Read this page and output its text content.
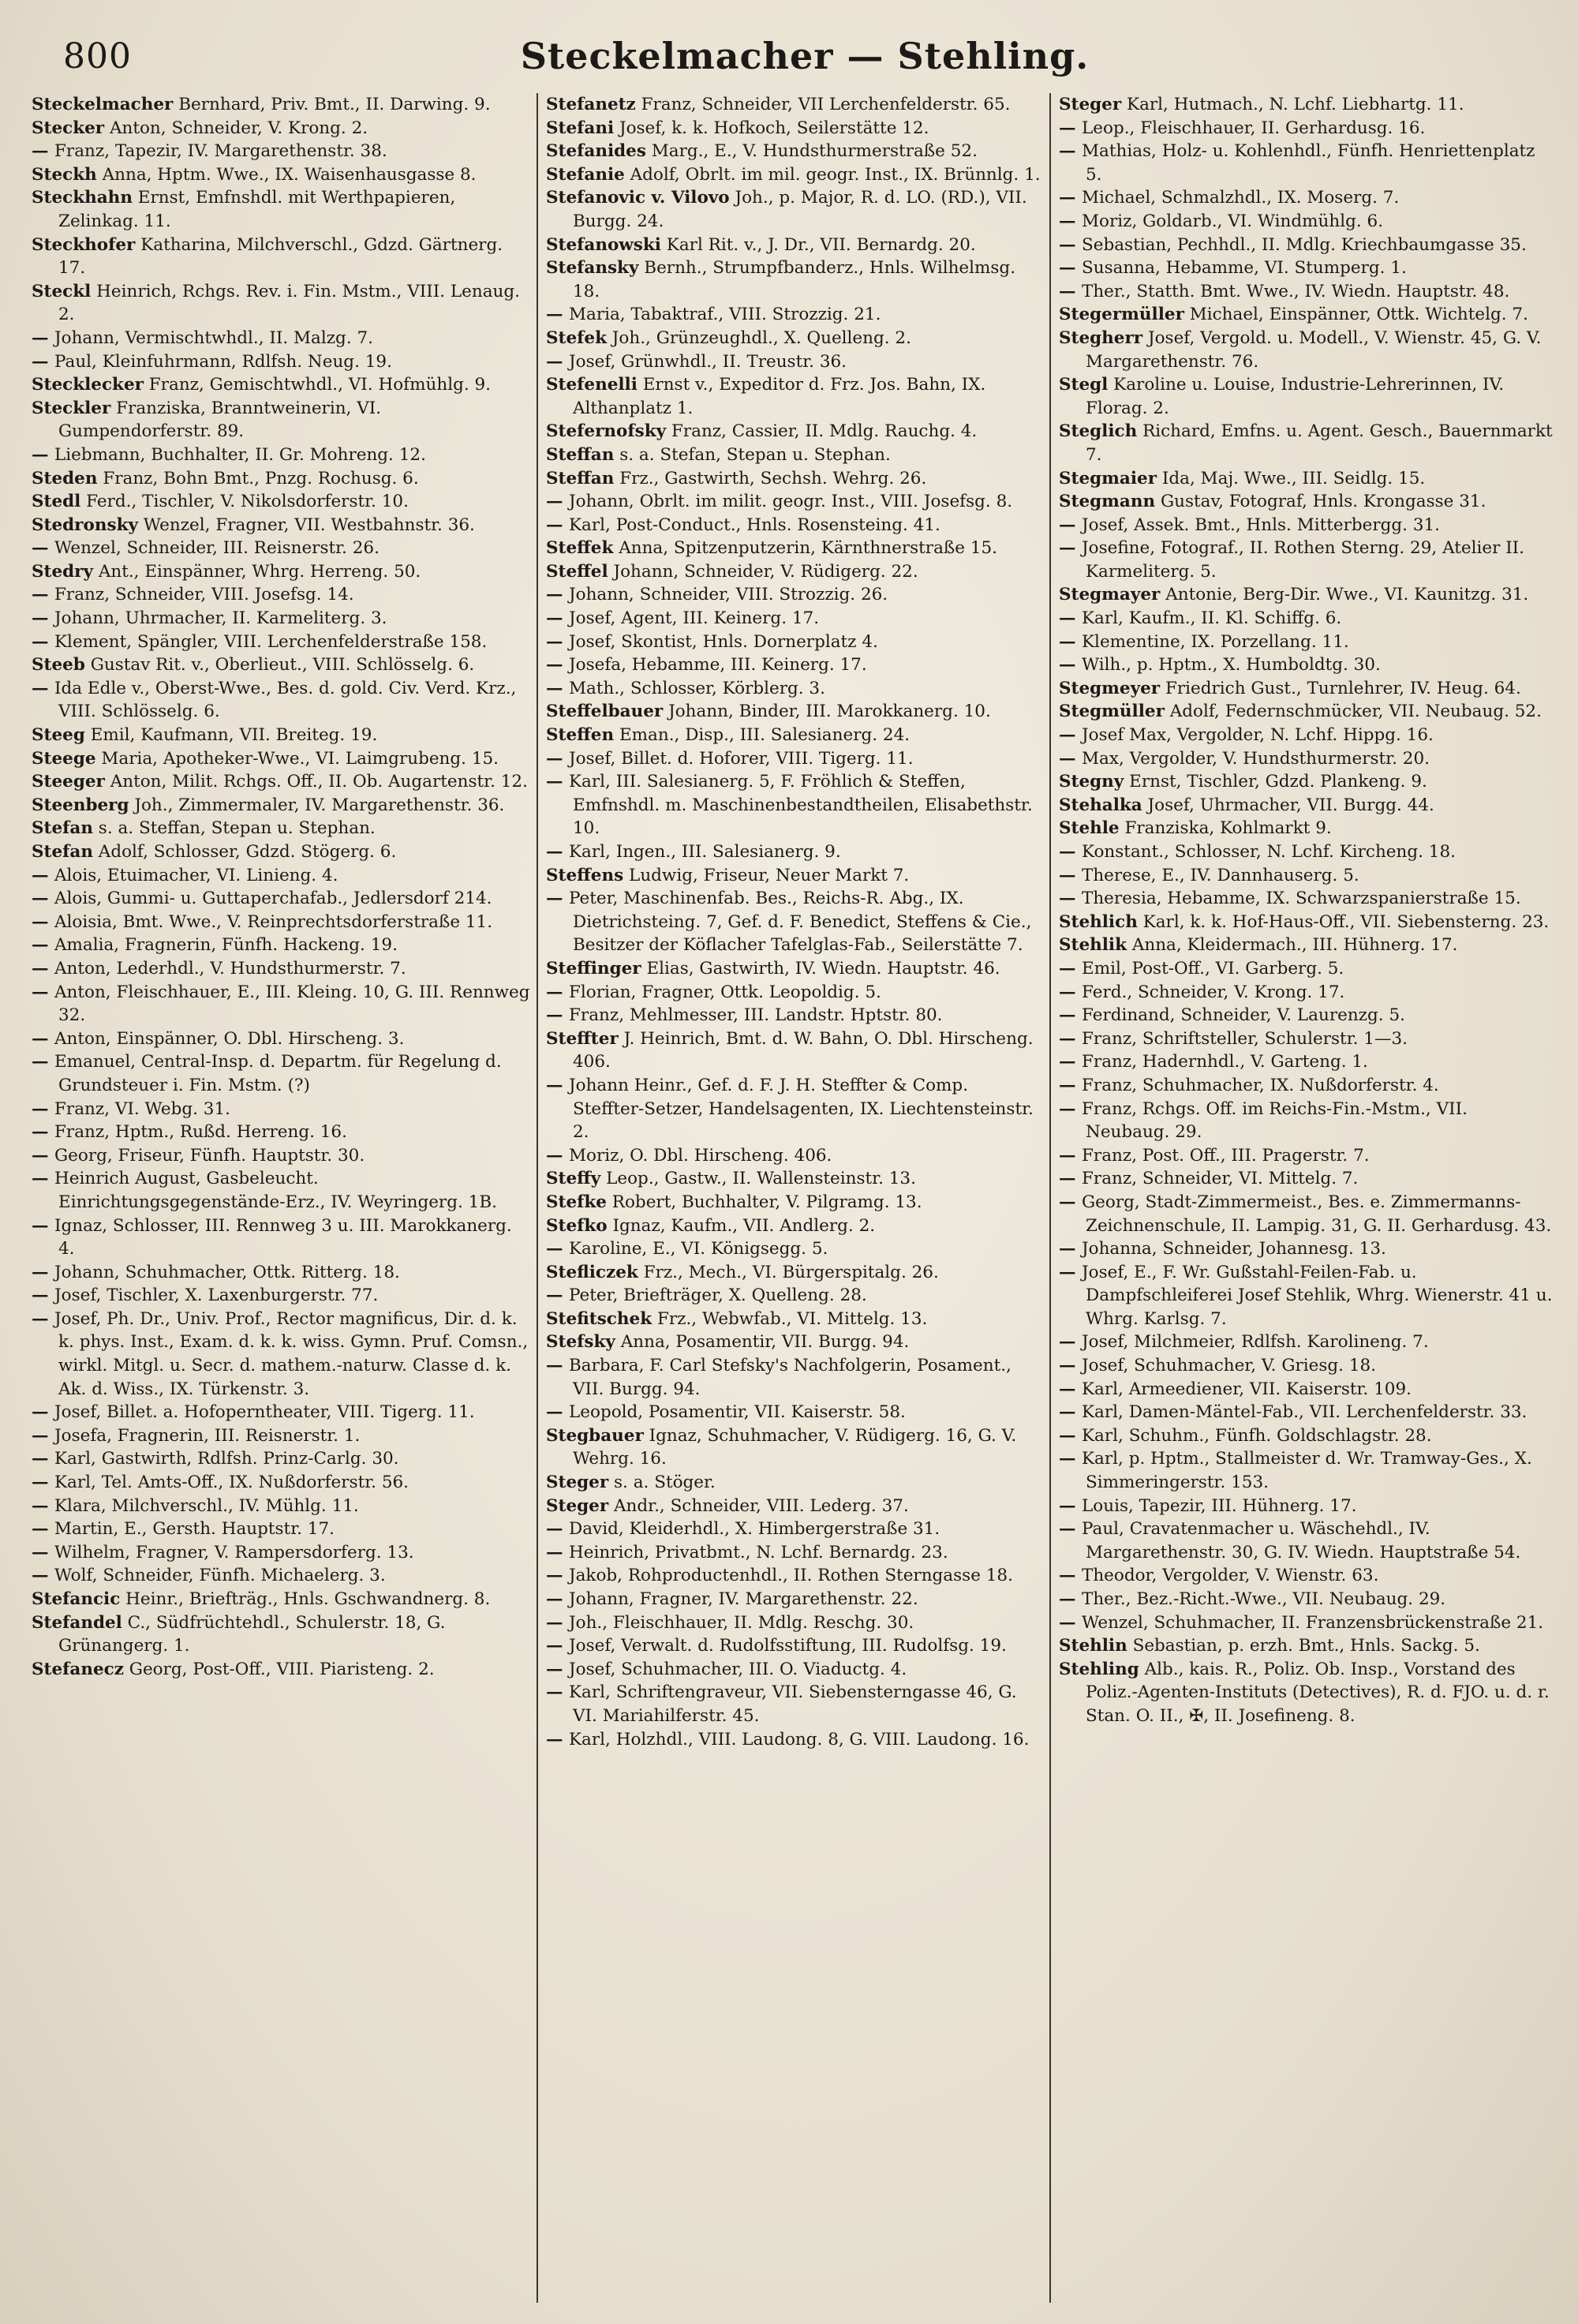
800	Steckelmacher — Stehling.

Steckelmacher Bernhard, Priv. Bmt., II. Darwing. 9.

Stecker Anton, Schneider, V. Krong. 2.

— Franz, Tapezir, IV. Margarethenstr. 38.

Steckh Anna, Hptm. Wwe., IX. Waisenhausgasse 8.

Steckhahn Ernst, Emfnshdl. mit Werthpapieren, Zelinkag. 11.

Steckhofer Katharina, Milchverschl., Gdzd. Gärtnerg. 17.

Steckl Heinrich, Rchgs. Rev. i. Fin. Mstm., VIII. Lenaug. 2.

— Johann, Vermischtwhdl., II. Malzg. 7.

— Paul, Kleinfuhrmann, Rdlfsh. Neug. 19.

Stecklecker Franz, Gemischtwhdl., VI. Hofmühlg. 9.

Steckler Franziska, Branntweinerin, VI. Gumpendorferstr. 89.

— Liebmann, Buchhalter, II. Gr. Mohreng. 12.

Steden Franz, Bohn Bmt., Pnzg. Rochusg. 6.

Stedl Ferd., Tischler, V. Nikolsdorferstr. 10.

Stedronsky Wenzel, Fragner, VII. Westbahnstr. 36.

— Wenzel, Schneider, III. Reisnerstr. 26.

Stedry Ant., Einspänner, Whrg. Herreng. 50.

— Franz, Schneider, VIII. Josefsg. 14.

— Johann, Uhrmacher, II. Karmeliterg. 3.

— Klement, Spängler, VIII. Lerchenfelderstraße 158.

Steeb Gustav Rit. v., Oberlieut., VIII. Schlösselg. 6.

— Ida Edle v., Oberst-Wwe., Bes. d. gold. Civ. Verd. Krz., VIII. Schlösselg. 6.

Steeg Emil, Kaufmann, VII. Breiteg. 19.

Steege Maria, Apotheker-Wwe., VI. Laimgrubeng. 15.

Steeger Anton, Milit. Rchgs. Off., II. Ob. Augartenstr. 12.

Steenberg Joh., Zimmermaler, IV. Margarethenstr. 36.

Stefan s. a. Steffan, Stepan u. Stephan.

Stefan Adolf, Schlosser, Gdzd. Stögerg. 6.

— Alois, Etuimacher, VI. Linieng. 4.

— Alois, Gummi- u. Guttaperchafab., Jedlersdorf 214.

— Aloisia, Bmt. Wwe., V. Reinprechtsdorferstraße 11.

— Amalia, Fragnerin, Fünfh. Hackeng. 19.

— Anton, Lederhdl., V. Hundsthurmerstr. 7.

— Anton, Fleischhauer, E., III. Kleing. 10, G. III. Rennweg 32.

— Anton, Einspänner, O. Dbl. Hirscheng. 3.

— Emanuel, Central-Insp. d. Departm. für Regelung d. Grundsteuer i. Fin. Mstm. (?)

— Franz, VI. Webg. 31.

— Franz, Hptm., Rußd. Herreng. 16.

— Georg, Friseur, Fünfh. Hauptstr. 30.

— Heinrich August, Gasbeleucht. Einrichtungsgegenstände-Erz., IV. Weyringerg. 1B.

— Ignaz, Schlosser, III. Rennweg 3 u. III. Marokkanerg. 4.

— Johann, Schuhmacher, Ottk. Ritterg. 18.

— Josef, Tischler, X. Laxenburgerstr. 77.

— Josef, Ph. Dr., Univ. Prof., Rector magnificus, Dir. d. k. k. phys. Inst., Exam. d. k. k. wiss. Gymn. Pruf. Comsn., wirkl. Mitgl. u. Secr. d. mathem.-naturw. Classe d. k. Ak. d. Wiss., IX. Türkenstr. 3.

— Josef, Billet. a. Hofoperntheater, VIII. Tigerg. 11.

— Josefa, Fragnerin, III. Reisnerstr. 1.

— Karl, Gastwirth, Rdlfsh. Prinz-Carlg. 30.

— Karl, Tel. Amts-Off., IX. Nußdorferstr. 56.

— Klara, Milchverschl., IV. Mühlg. 11.

— Martin, E., Gersth. Hauptstr. 17.

— Wilhelm, Fragner, V. Rampersdorferg. 13.

— Wolf, Schneider, Fünfh. Michaelerg. 3.

Stefancic Heinr., Briefträg., Hnls. Gschwandnerg. 8.

Stefandel C., Südfrüchtehdl., Schulerstr. 18, G. Grünangerg. 1.

Stefanecz Georg, Post-Off., VIII. Piaristeng. 2.

Stefanetz Franz, Schneider, VII Lerchenfelderstr. 65.

Stefani Josef, k. k. Hofkoch, Seilerstätte 12.

Stefanides Marg., E., V. Hundsthurmerstraße 52.

Stefanie Adolf, Obrlt. im mil. geogr. Inst., IX. Brünnlg. 1.

Stefanovic v. Vilovo Joh., p. Major, R. d. LO. (RD.), VII. Burgg. 24.

Stefanowski Karl Rit. v., J. Dr., VII. Bernardg. 20.

Stefansky Bernh., Strumpfbanderz., Hnls. Wilhelmsg. 18.

— Maria, Tabaktraf., VIII. Strozzig. 21.

Stefek Joh., Grünzeughdl., X. Quelleng. 2.

— Josef, Grünwhdl., II. Treustr. 36.

Stefenelli Ernst v., Expeditor d. Frz. Jos. Bahn, IX. Althanplatz 1.

Stefernofsky Franz, Cassier, II. Mdlg. Rauchg. 4.

Steffan s. a. Stefan, Stepan u. Stephan.

Steffan Frz., Gastwirth, Sechsh. Wehrg. 26.

— Johann, Obrlt. im milit. geogr. Inst., VIII. Josefsg. 8.

— Karl, Post-Conduct., Hnls. Rosensteing. 41.

Steffek Anna, Spitzenputzerin, Kärnthnerstraße 15.

Steffel Johann, Schneider, V. Rüdigerg. 22.

— Johann, Schneider, VIII. Strozzig. 26.

— Josef, Agent, III. Keinerg. 17.

— Josef, Skontist, Hnls. Dornerplatz 4.

— Josefa, Hebamme, III. Keinerg. 17.

— Math., Schlosser, Körblerg. 3.

Steffelbauer Johann, Binder, III. Marokkanerg. 10.

Steffen Eman., Disp., III. Salesianerg. 24.

— Josef, Billet. d. Hoforer, VIII. Tigerg. 11.

— Karl, III. Salesianerg. 5, F. Fröhlich & Steffen, Emfnshdl. m. Maschinenbestandtheilen, Elisabethstr. 10.

— Karl, Ingen., III. Salesianerg. 9.

Steffens Ludwig, Friseur, Neuer Markt 7.

— Peter, Maschinenfab. Bes., Reichs-R. Abg., IX. Dietrichsteing. 7, Gef. d. F. Benedict, Steffens & Cie., Besitzer der Köflacher Tafelglas-Fab., Seilerstätte 7.

Steffinger Elias, Gastwirth, IV. Wiedn. Hauptstr. 46.

— Florian, Fragner, Ottk. Leopoldig. 5.

— Franz, Mehlmesser, III. Landstr. Hptstr. 80.

Steffter J. Heinrich, Bmt. d. W. Bahn, O. Dbl. Hirscheng. 406.

— Johann Heinr., Gef. d. F. J. H. Steffter & Comp. Steffter-Setzer, Handelsagenten, IX. Liechtensteinstr. 2.

— Moriz, O. Dbl. Hirscheng. 406.

Steffy Leop., Gastw., II. Wallensteinstr. 13.

Stefke Robert, Buchhalter, V. Pilgramg. 13.

Stefko Ignaz, Kaufm., VII. Andlerg. 2.

— Karoline, E., VI. Königsegg. 5.

Stefliczek Frz., Mech., VI. Bürgerspitalg. 26.

— Peter, Briefträger, X. Quelleng. 28.

Stefitschek Frz., Webwfab., VI. Mittelg. 13.

Stefsky Anna, Posamentir, VII. Burgg. 94.

— Barbara, F. Carl Stefsky's Nachfolgerin, Posament., VII. Burgg. 94.

— Leopold, Posamentir, VII. Kaiserstr. 58.

Stegbauer Ignaz, Schuhmacher, V. Rüdigerg. 16, G. V. Wehrg. 16.

Steger s. a. Stöger.

Steger Andr., Schneider, VIII. Lederg. 37.

— David, Kleiderhdl., X. Himbergerstraße 31.

— Heinrich, Privatbmt., N. Lchf. Bernardg. 23.

— Jakob, Rohproductenhdl., II. Rothen Sterngasse 18.

— Johann, Fragner, IV. Margarethenstr. 22.

— Joh., Fleischhauer, II. Mdlg. Reschg. 30.

— Josef, Verwalt. d. Rudolfsstiftung, III. Rudolfsg. 19.

— Josef, Schuhmacher, III. O. Viaductg. 4.

— Karl, Schriftengraveur, VII. Siebensterngasse 46, G. VI. Mariahilferstr. 45.

— Karl, Holzhdl., VIII. Laudong. 8, G. VIII. Laudong. 16.

Steger Karl, Hutmach., N. Lchf. Liebhartg. 11.

— Leop., Fleischhauer, II. Gerhardusg. 16.

— Mathias, Holz- u. Kohlenhdl., Fünfh. Henriettenplatz 5.

— Michael, Schmalzhdl., IX. Moserg. 7.

— Moriz, Goldarb., VI. Windmühlg. 6.

— Sebastian, Pechhdl., II. Mdlg. Kriechbaumgasse 35.

— Susanna, Hebamme, VI. Stumperg. 1.

— Ther., Statth. Bmt. Wwe., IV. Wiedn. Hauptstr. 48.

Stegermüller Michael, Einspänner, Ottk. Wichtelg. 7.

Stegherr Josef, Vergold. u. Modell., V. Wienstr. 45, G. V. Margarethenstr. 76.

Stegl Karoline u. Louise, Industrie-Lehrerinnen, IV. Florag. 2.

Steglich Richard, Emfns. u. Agent. Gesch., Bauernmarkt 7.

Stegmaier Ida, Maj. Wwe., III. Seidlg. 15.

Stegmann Gustav, Fotograf, Hnls. Krongasse 31.

— Josef, Assek. Bmt., Hnls. Mitterbergg. 31.

— Josefine, Fotograf., II. Rothen Sterng. 29, Atelier II. Karmeliterg. 5.

Stegmayer Antonie, Berg-Dir. Wwe., VI. Kaunitzg. 31.

— Karl, Kaufm., II. Kl. Schiffg. 6.

— Klementine, IX. Porzellang. 11.

— Wilh., p. Hptm., X. Humboldtg. 30.

Stegmeyer Friedrich Gust., Turnlehrer, IV. Heug. 64.

Stegmüller Adolf, Federnschmücker, VII. Neubaug. 52.

— Josef Max, Vergolder, N. Lchf. Hippg. 16.

— Max, Vergolder, V. Hundsthurmerstr. 20.

Stegny Ernst, Tischler, Gdzd. Plankeng. 9.

Stehalka Josef, Uhrmacher, VII. Burgg. 44.

Stehle Franziska, Kohlmarkt 9.

— Konstant., Schlosser, N. Lchf. Kircheng. 18.

— Therese, E., IV. Dannhauserg. 5.

— Theresia, Hebamme, IX. Schwarzspanierstraße 15.

Stehlich Karl, k. k. Hof-Haus-Off., VII. Siebensterng. 23.

Stehlik Anna, Kleidermach., III. Hühnerg. 17.

— Emil, Post-Off., VI. Garberg. 5.

— Ferd., Schneider, V. Krong. 17.

— Ferdinand, Schneider, V. Laurenzg. 5.

— Franz, Schriftsteller, Schulerstr. 1—3.

— Franz, Hadernhdl., V. Garteng. 1.

— Franz, Schuhmacher, IX. Nußdorferstr. 4.

— Franz, Rchgs. Off. im Reichs-Fin.-Mstm., VII. Neubaug. 29.

— Franz, Post. Off., III. Pragerstr. 7.

— Franz, Schneider, VI. Mittelg. 7.

— Georg, Stadt-Zimmermeist., Bes. e. Zimmermanns-Zeichnenschule, II. Lampig. 31, G. II. Gerhardusg. 43.

— Johanna, Schneider, Johannesg. 13.

— Josef, E., F. Wr. Gußstahl-Feilen-Fab. u. Dampfschleiferei Josef Stehlik, Whrg. Wienerstr. 41 u. Whrg. Karlsg. 7.

— Josef, Milchmeier, Rdlfsh. Karolineng. 7.

— Josef, Schuhmacher, V. Griesg. 18.

— Karl, Armeediener, VII. Kaiserstr. 109.

— Karl, Damen-Mäntel-Fab., VII. Lerchenfelderstr. 33.

— Karl, Schuhm., Fünfh. Goldschlagstr. 28.

— Karl, p. Hptm., Stallmeister d. Wr. Tramway-Ges., X. Simmeringerstr. 153.

— Louis, Tapezir, III. Hühnerg. 17.

— Paul, Cravatenmacher u. Wäschehdl., IV. Margarethenstr. 30, G. IV. Wiedn. Hauptstraße 54.

— Theodor, Vergolder, V. Wienstr. 63.

— Ther., Bez.-Richt.-Wwe., VII. Neubaug. 29.

— Wenzel, Schuhmacher, II. Franzensbrückenstraße 21.

Stehlin Sebastian, p. erzh. Bmt., Hnls. Sackg. 5.

Stehling Alb., kais. R., Poliz. Ob. Insp., Vorstand des Poliz.-Agenten-Instituts (Detectives), R. d. FJO. u. d. r. Stan. O. II., ✠, II. Josefineng. 8.
